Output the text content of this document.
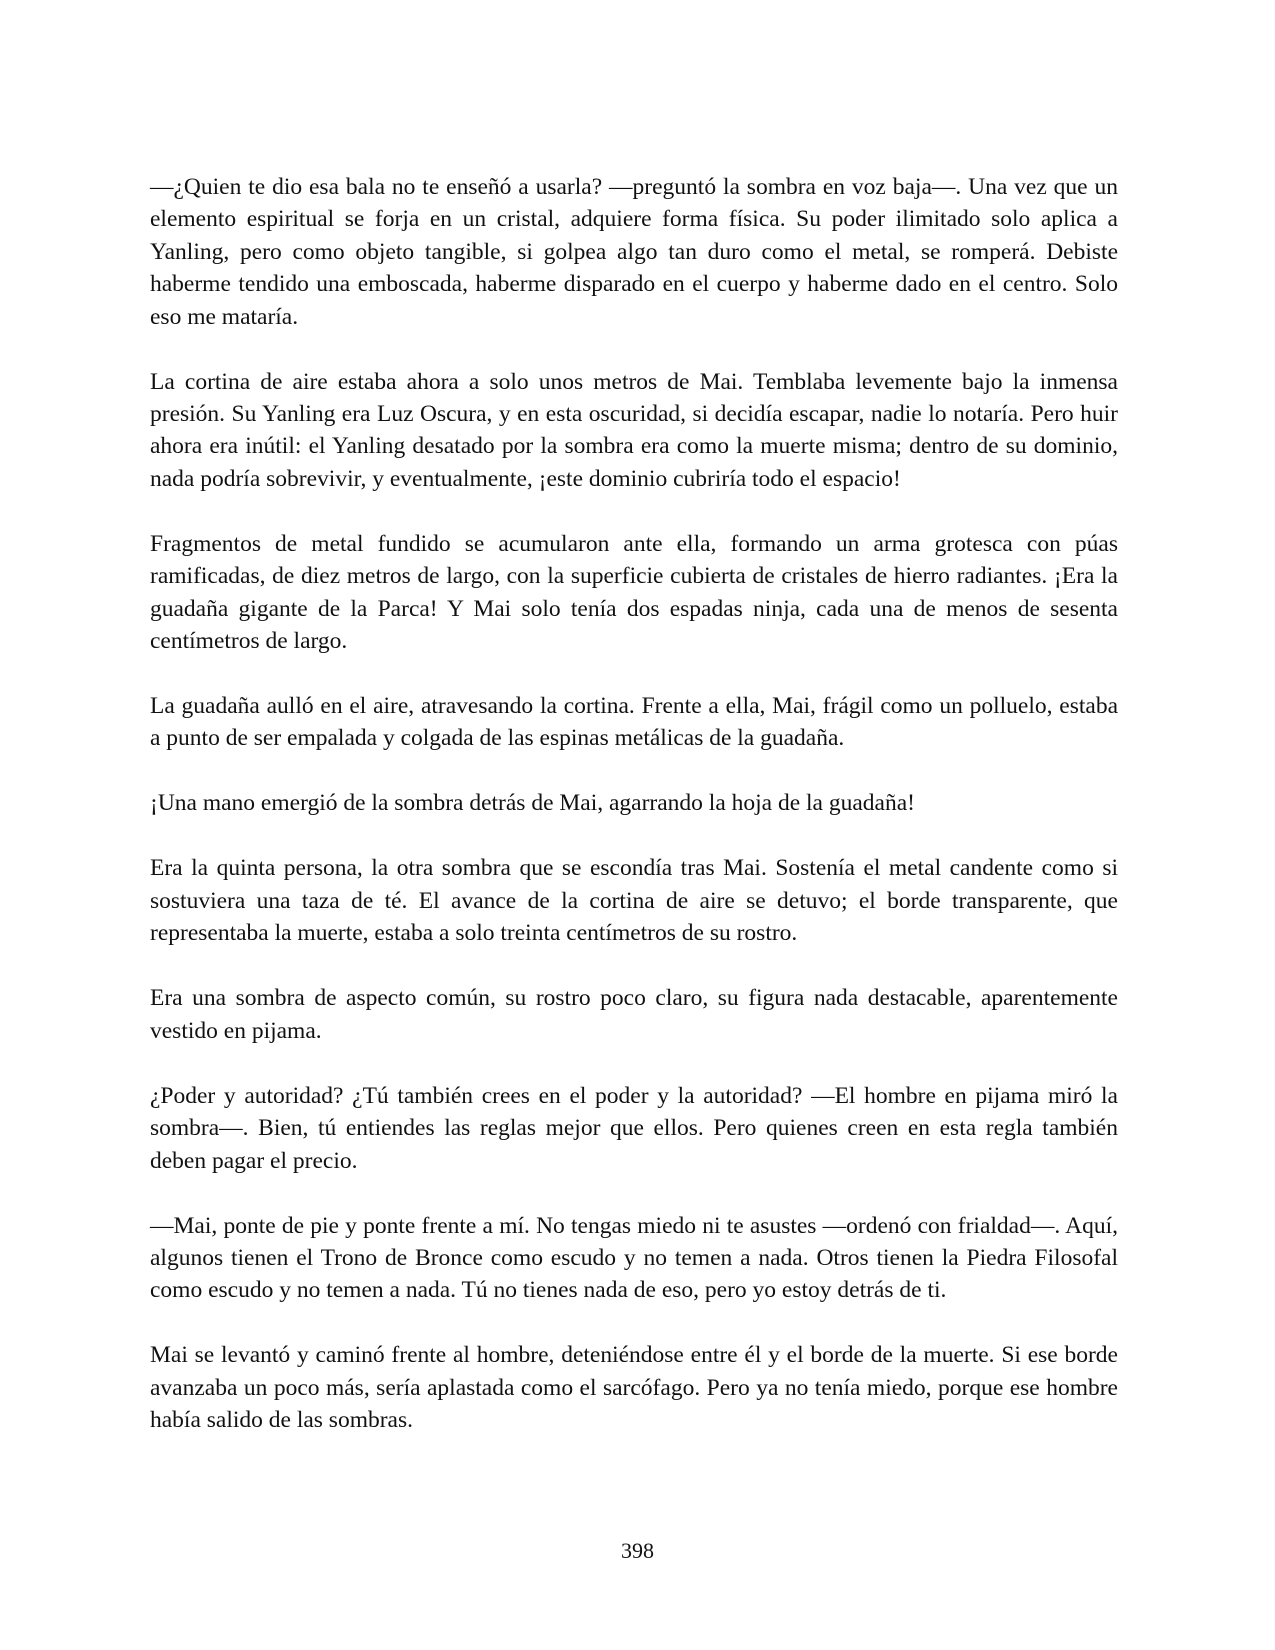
—¿Quien te dio esa bala no te enseñó a usarla? —preguntó la sombra en voz baja—. Una vez que un elemento espiritual se forja en un cristal, adquiere forma física. Su poder ilimitado solo aplica a Yanling, pero como objeto tangible, si golpea algo tan duro como el metal, se romperá. Debiste haberme tendido una emboscada, haberme disparado en el cuerpo y haberme dado en el centro. Solo eso me mataría.

La cortina de aire estaba ahora a solo unos metros de Mai. Temblaba levemente bajo la inmensa presión. Su Yanling era Luz Oscura, y en esta oscuridad, si decidía escapar, nadie lo notaría. Pero huir ahora era inútil: el Yanling desatado por la sombra era como la muerte misma; dentro de su dominio, nada podría sobrevivir, y eventualmente, ¡este dominio cubriría todo el espacio!

Fragmentos de metal fundido se acumularon ante ella, formando un arma grotesca con púas ramificadas, de diez metros de largo, con la superficie cubierta de cristales de hierro radiantes. ¡Era la guadaña gigante de la Parca! Y Mai solo tenía dos espadas ninja, cada una de menos de sesenta centímetros de largo.

La guadaña aulló en el aire, atravesando la cortina. Frente a ella, Mai, frágil como un polluelo, estaba a punto de ser empalada y colgada de las espinas metálicas de la guadaña.

¡Una mano emergió de la sombra detrás de Mai, agarrando la hoja de la guadaña!

Era la quinta persona, la otra sombra que se escondía tras Mai. Sostenía el metal candente como si sostuviera una taza de té. El avance de la cortina de aire se detuvo; el borde transparente, que representaba la muerte, estaba a solo treinta centímetros de su rostro.

Era una sombra de aspecto común, su rostro poco claro, su figura nada destacable, aparentemente vestido en pijama.

¿Poder y autoridad? ¿Tú también crees en el poder y la autoridad? —El hombre en pijama miró la sombra—. Bien, tú entiendes las reglas mejor que ellos. Pero quienes creen en esta regla también deben pagar el precio.

—Mai, ponte de pie y ponte frente a mí. No tengas miedo ni te asustes —ordenó con frialdad—. Aquí, algunos tienen el Trono de Bronce como escudo y no temen a nada. Otros tienen la Piedra Filosofal como escudo y no temen a nada. Tú no tienes nada de eso, pero yo estoy detrás de ti.

Mai se levantó y caminó frente al hombre, deteniéndose entre él y el borde de la muerte. Si ese borde avanzaba un poco más, sería aplastada como el sarcófago. Pero ya no tenía miedo, porque ese hombre había salido de las sombras.

398
